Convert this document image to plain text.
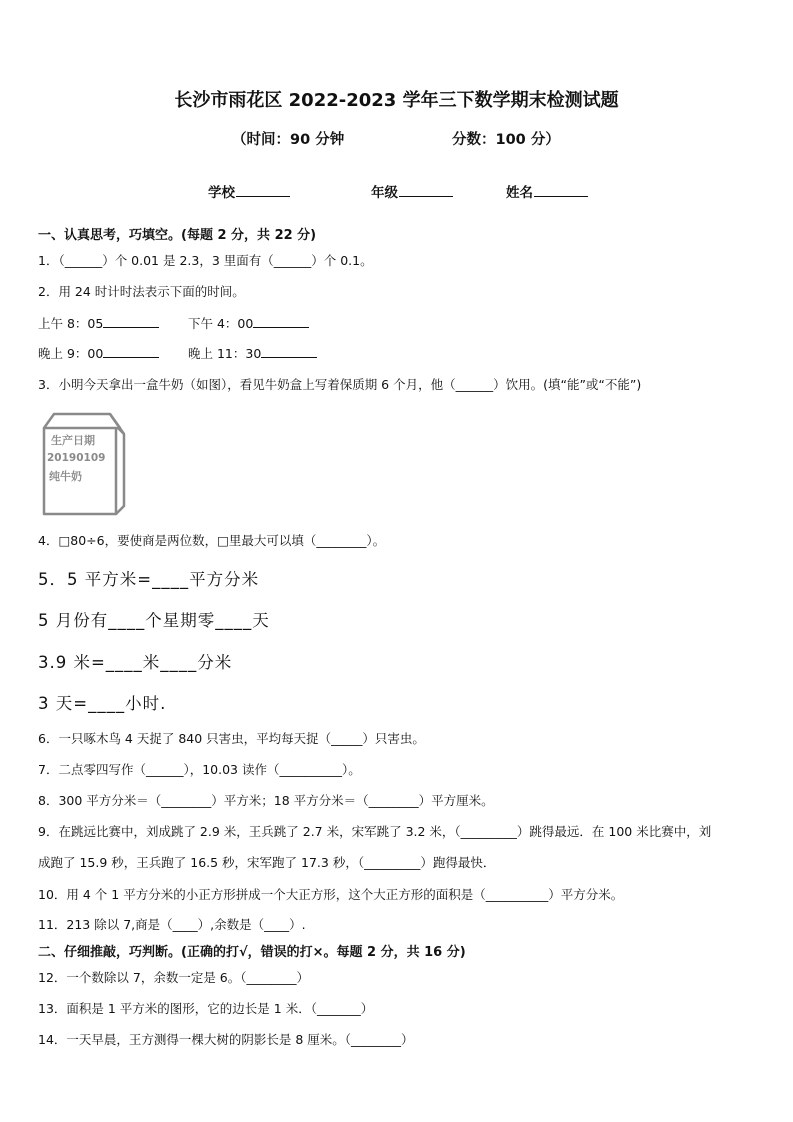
长沙市雨花区 2022-2023 学年三下数学期末检测试题
（时间：90 分钟	分数：100 分）
学校	年级	姓名
一、认真思考，巧填空。(每题 2 分，共 22 分)
1．（______）个 0.01 是 2.3，3 里面有（______）个 0.1。
2．用 24 时计时法表示下面的时间。
上午 8：05	下午 4：00
晚上 9：00	晚上 11：30
3．小明今天拿出一盒牛奶（如图），看见牛奶盒上写着保质期 6 个月，他（______）饮用。(填“能”或“不能”)
生产日期
20190109
纯牛奶
4．□80÷6，要使商是两位数，□里最大可以填（________）。
5．5 平方米=____平方分米
5 月份有____个星期零____天
3.9 米=____米____分米
3 天=____小时.
6．一只啄木鸟 4 天捉了 840 只害虫，平均每天捉（_____）只害虫。
7．二点零四写作（______），10.03 读作（__________）。
8．300 平方分米＝（________）平方米；18 平方分米＝（________）平方厘米。
9．在跳远比赛中，刘成跳了 2.9 米，王兵跳了 2.7 米，宋军跳了 3.2 米，（_________）跳得最远．在 100 米比赛中，刘
成跑了 15.9 秒，王兵跑了 16.5 秒，宋军跑了 17.3 秒，（_________）跑得最快．
10．用 4 个 1 平方分米的小正方形拼成一个大正方形，这个大正方形的面积是（__________）平方分米。
11．213 除以 7,商是（____）,余数是（____）.
二、仔细推敲，巧判断。(正确的打√，错误的打×。每题 2 分，共 16 分)
12．一个数除以 7，余数一定是 6。（________）
13．面积是 1 平方米的图形，它的边长是 1 米．（_______）
14．一天早晨，王方测得一棵大树的阴影长是 8 厘米。（________）
